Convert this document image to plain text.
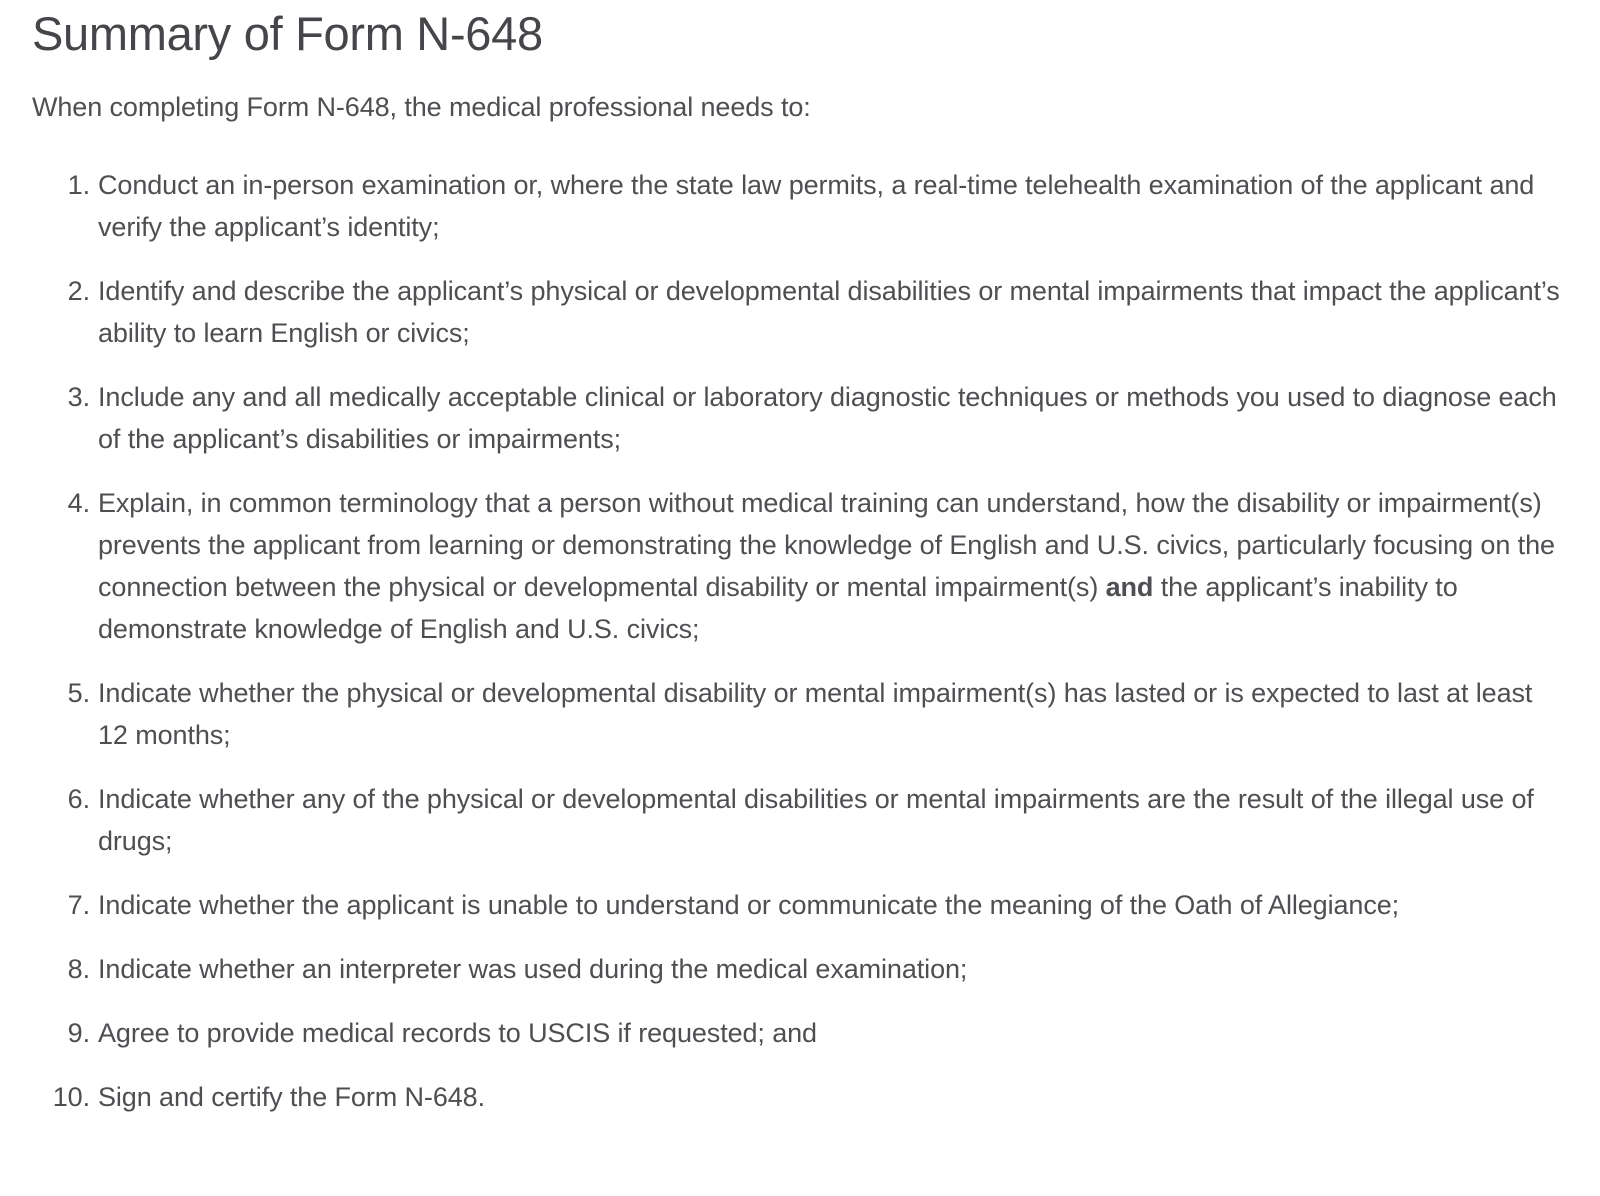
Summary of Form N-648

When completing Form N-648, the medical professional needs to:

1. Conduct an in-person examination or, where the state law permits, a real-time telehealth examination of the applicant and verify the applicant’s identity;
2. Identify and describe the applicant’s physical or developmental disabilities or mental impairments that impact the applicant’s ability to learn English or civics;
3. Include any and all medically acceptable clinical or laboratory diagnostic techniques or methods you used to diagnose each of the applicant’s disabilities or impairments;
4. Explain, in common terminology that a person without medical training can understand, how the disability or impairment(s) prevents the applicant from learning or demonstrating the knowledge of English and U.S. civics, particularly focusing on the connection between the physical or developmental disability or mental impairment(s) and the applicant’s inability to demonstrate knowledge of English and U.S. civics;
5. Indicate whether the physical or developmental disability or mental impairment(s) has lasted or is expected to last at least 12 months;
6. Indicate whether any of the physical or developmental disabilities or mental impairments are the result of the illegal use of drugs;
7. Indicate whether the applicant is unable to understand or communicate the meaning of the Oath of Allegiance;
8. Indicate whether an interpreter was used during the medical examination;
9. Agree to provide medical records to USCIS if requested; and
10. Sign and certify the Form N-648.
